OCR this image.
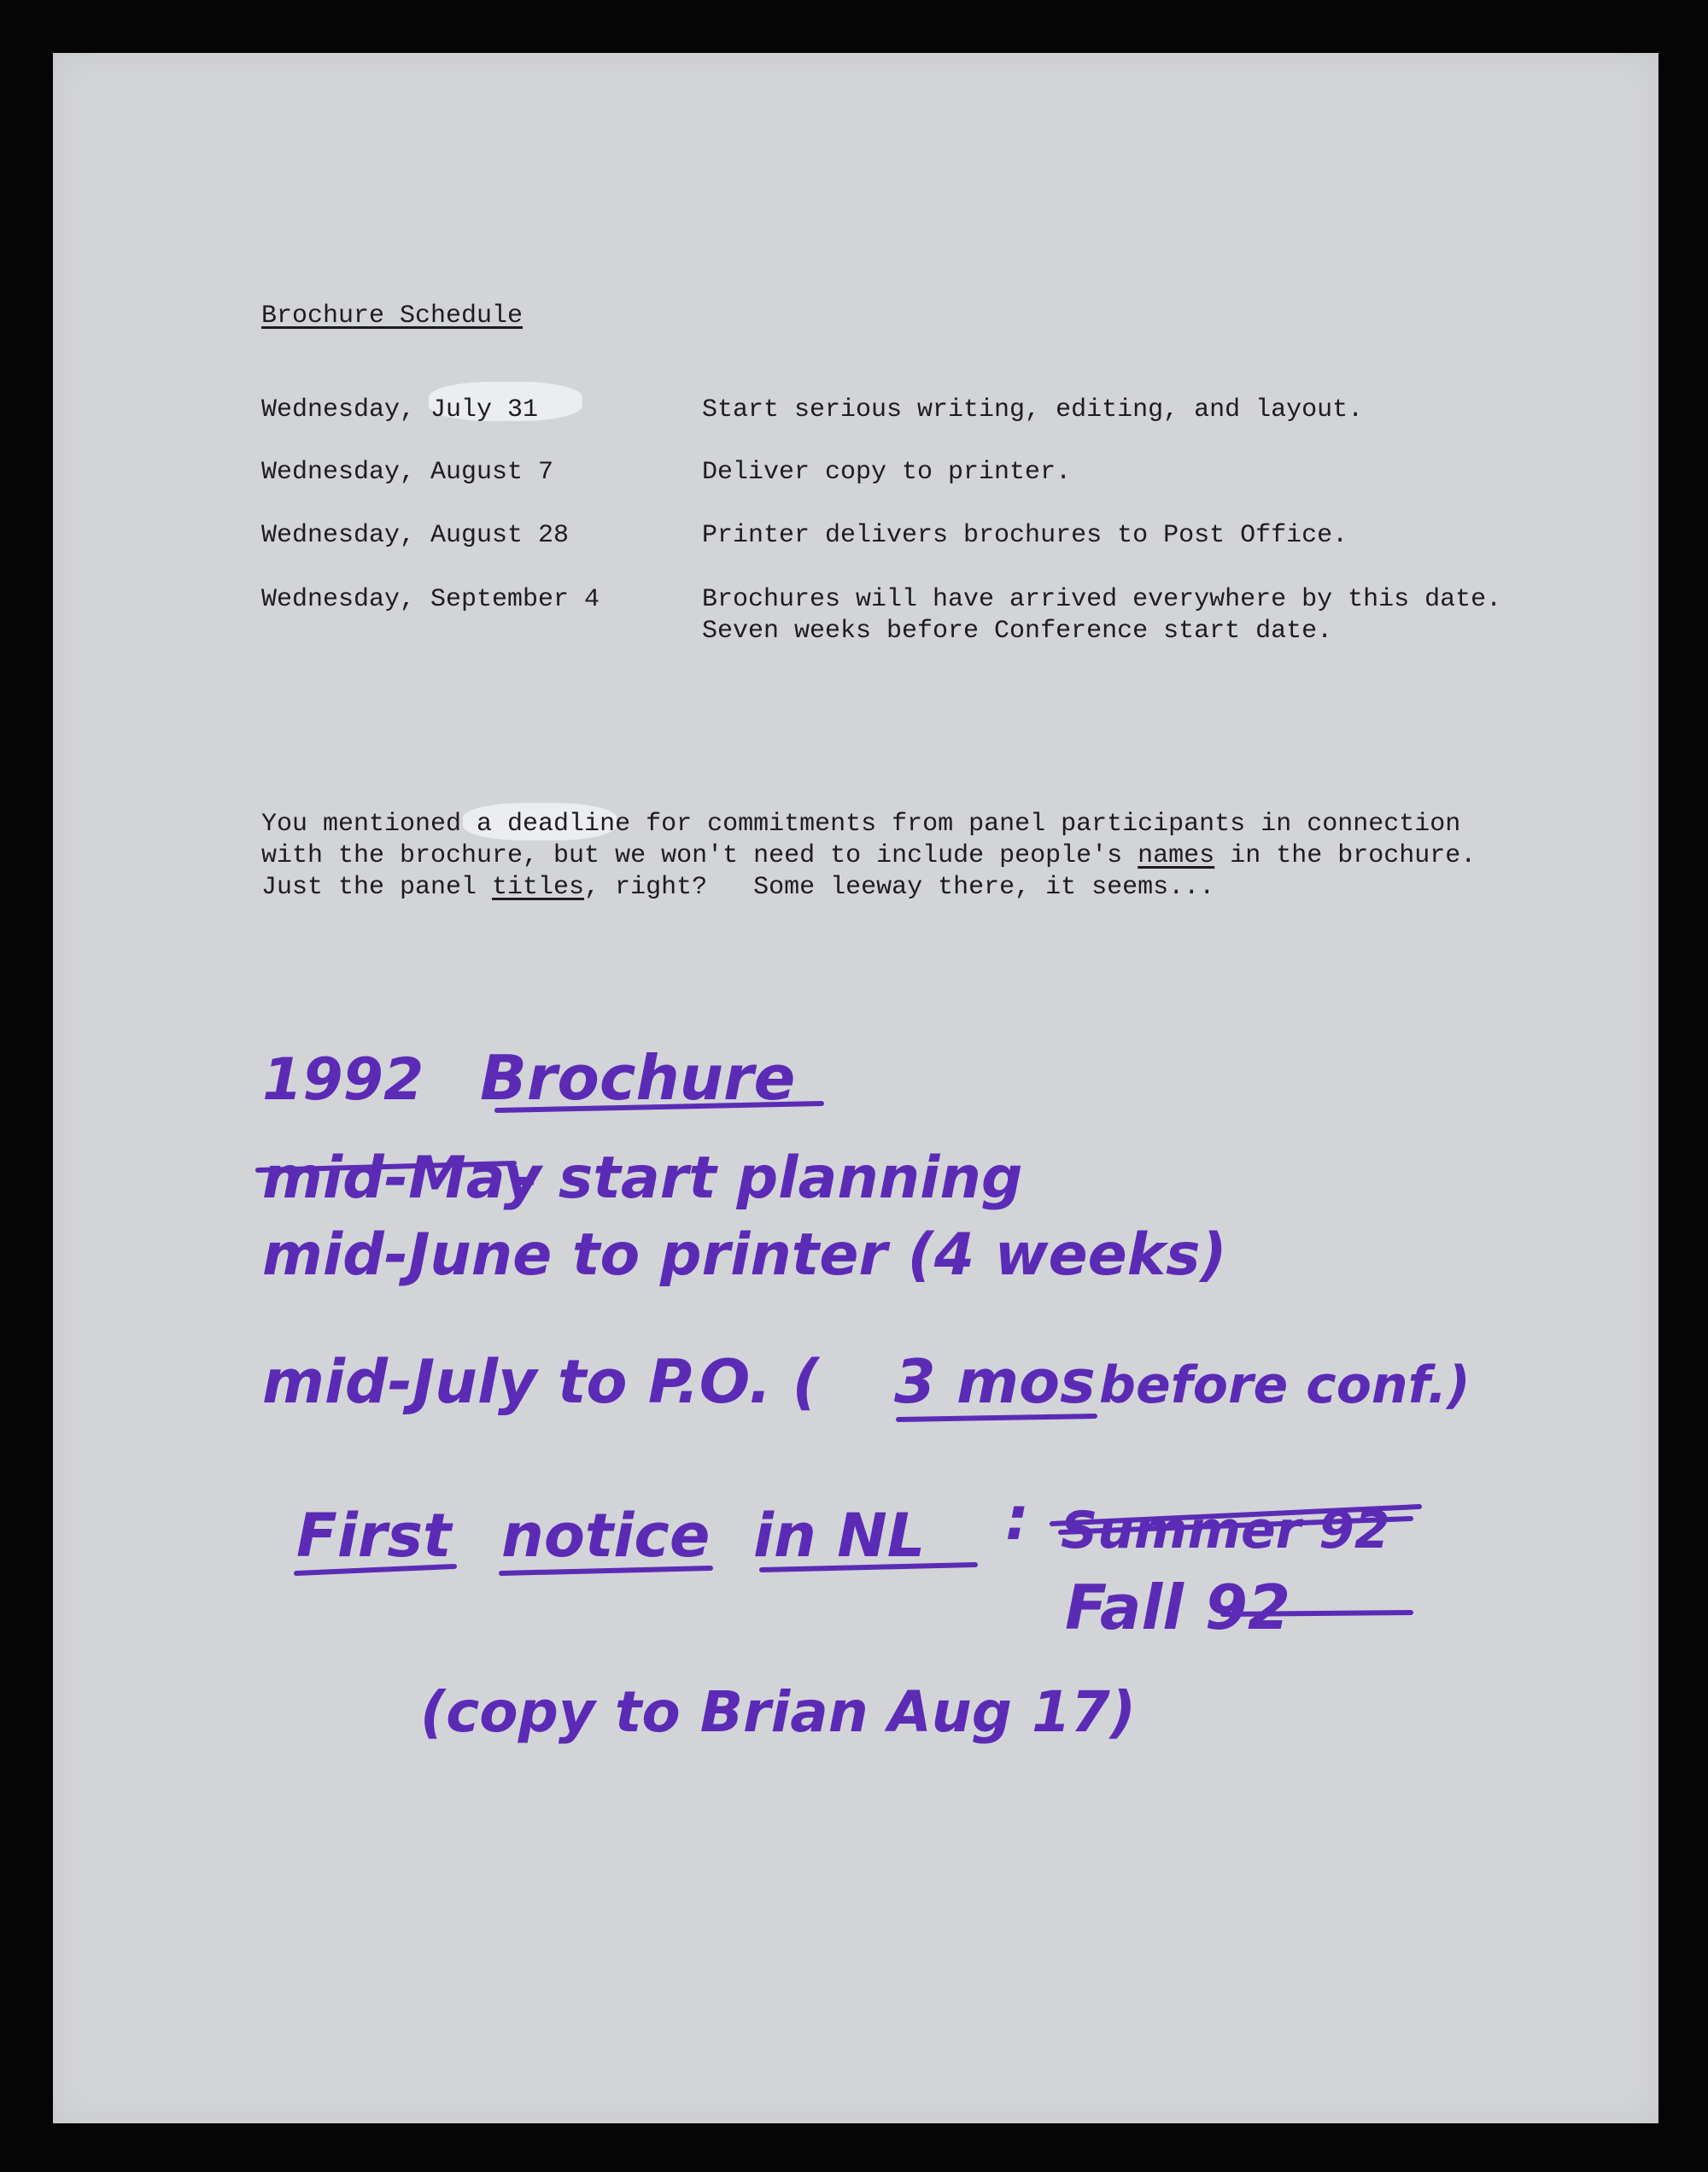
Brochure Schedule
Wednesday, July 31	Start serious writing, editing, and layout.
Wednesday, August 7	Deliver copy to printer.
Wednesday, August 28	Printer delivers brochures to Post Office.
Wednesday, September 4	Brochures will have arrived everywhere by this date.
Seven weeks before Conference start date.
You mentioned a deadline for commitments from panel participants in connection
with the brochure, but we won't need to include people's names in the brochure.
Just the panel titles, right?   Some leeway there, it seems...
1992 Brochure
mid-May
- start planning
mid-June to printer (4 weeks)
mid-July to P.O. ( 3 mos before conf.)
First notice in NL : Summer 92
Fall 92
(copy to Brian Aug 17)
